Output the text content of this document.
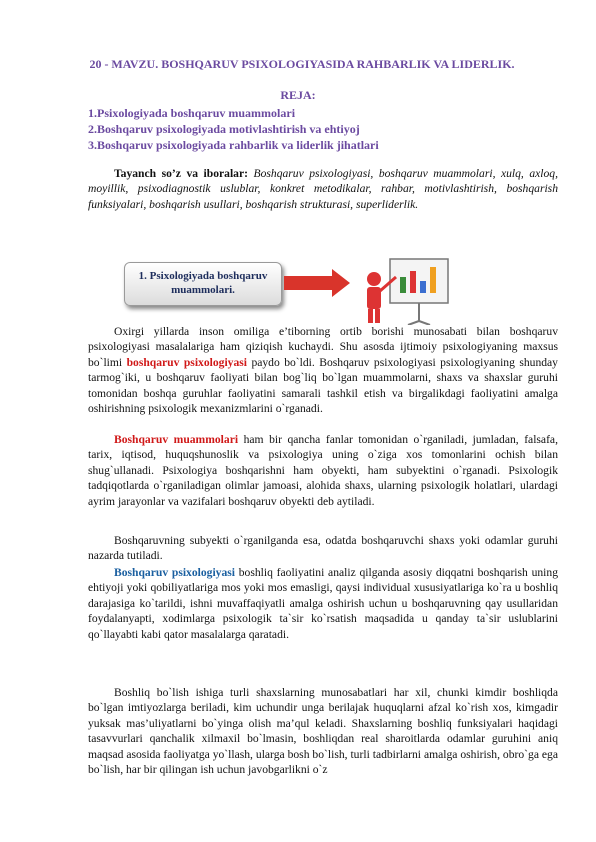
20 - MAVZU. BOSHQARUV PSIXOLOGIYASIDA RAHBARLIK VA LIDERLIK.
REJA:
1.Psixologiyada boshqaruv muammolari
2.Boshqaruv psixologiyada motivlashtirish va ehtiyoj
3.Boshqaruv psixologiyada rahbarlik va liderlik jihatlari
Tayanch so’z va iboralar: Boshqaruv psixologiyasi, boshqaruv muammolari, xulq, axloq, moyillik, psixodiagnostik uslublar, konkret metodikalar, rahbar, motivlashtirish, boshqarish funksiyalari, boshqarish usullari, boshqarish strukturasi, superliderlik.
1. Psixologiyada boshqaruv muammolari.
Oxirgi yillarda inson omiliga e’tiborning ortib borishi munosabati bilan boshqaruv psixologiyasi masalalariga ham qiziqish kuchaydi. Shu asosda ijtimoiy psixologiyaning maxsus bo`limi boshqaruv psixologiyasi paydo bo`ldi. Boshqaruv psixologiyasi psixologiyaning shunday tarmog`iki, u boshqaruv faoliyati bilan bog`liq bo`lgan muammolarni, shaxs va shaxslar guruhi tomonidan boshqa guruhlar faoliyatini samarali tashkil etish va birgalikdagi faoliyatini amalga oshirishning psixologik mexanizmlarini o`rganadi.
Boshqaruv muammolari ham bir qancha fanlar tomonidan o`rganiladi, jumladan, falsafa, tarix, iqtisod, huquqshunoslik va psixologiya uning o`ziga xos tomonlarini ochish bilan shug`ullanadi. Psixologiya boshqarishni ham obyekti, ham subyektini o`rganadi. Psixologik tadqiqotlarda o`rganiladigan olimlar jamoasi, alohida shaxs, ularning psixologik holatlari, ulardagi ayrim jarayonlar va vazifalari boshqaruv obyekti deb aytiladi.
Boshqaruvning subyekti o`rganilganda esa, odatda boshqaruvchi shaxs yoki odamlar guruhi nazarda tutiladi.
Boshqaruv psixologiyasi boshliq faoliyatini analiz qilganda asosiy diqqatni boshqarish uning ehtiyoji yoki qobiliyatlariga mos yoki mos emasligi, qaysi individual xususiyatlariga ko`ra u boshliq darajasiga ko`tarildi, ishni muvaffaqiyatli amalga oshirish uchun u boshqaruvning qay usullaridan foydalanyapti, xodimlarga psixologik ta`sir ko`rsatish maqsadida u qanday ta`sir uslublarini qo`llayabti kabi qator masalalarga qaratadi.
Boshliq bo`lish ishiga turli shaxslarning munosabatlari har xil, chunki kimdir boshliqda bo`lgan imtiyozlarga beriladi, kim uchundir unga berilajak huquqlarni afzal ko`rish xos, kimgadir yuksak mas’uliyatlarni bo`yinga olish ma’qul keladi. Shaxslarning boshliq funksiyalari haqidagi tasavvurlari qanchalik xilmaxil bo`lmasin, boshliqdan real sharoitlarda odamlar guruhini aniq maqsad asosida faoliyatga yo`llash, ularga bosh bo`lish, turli tadbirlarni amalga oshirish, obro`ga ega bo`lish, har bir qilingan ish uchun javobgarlikni o`z
